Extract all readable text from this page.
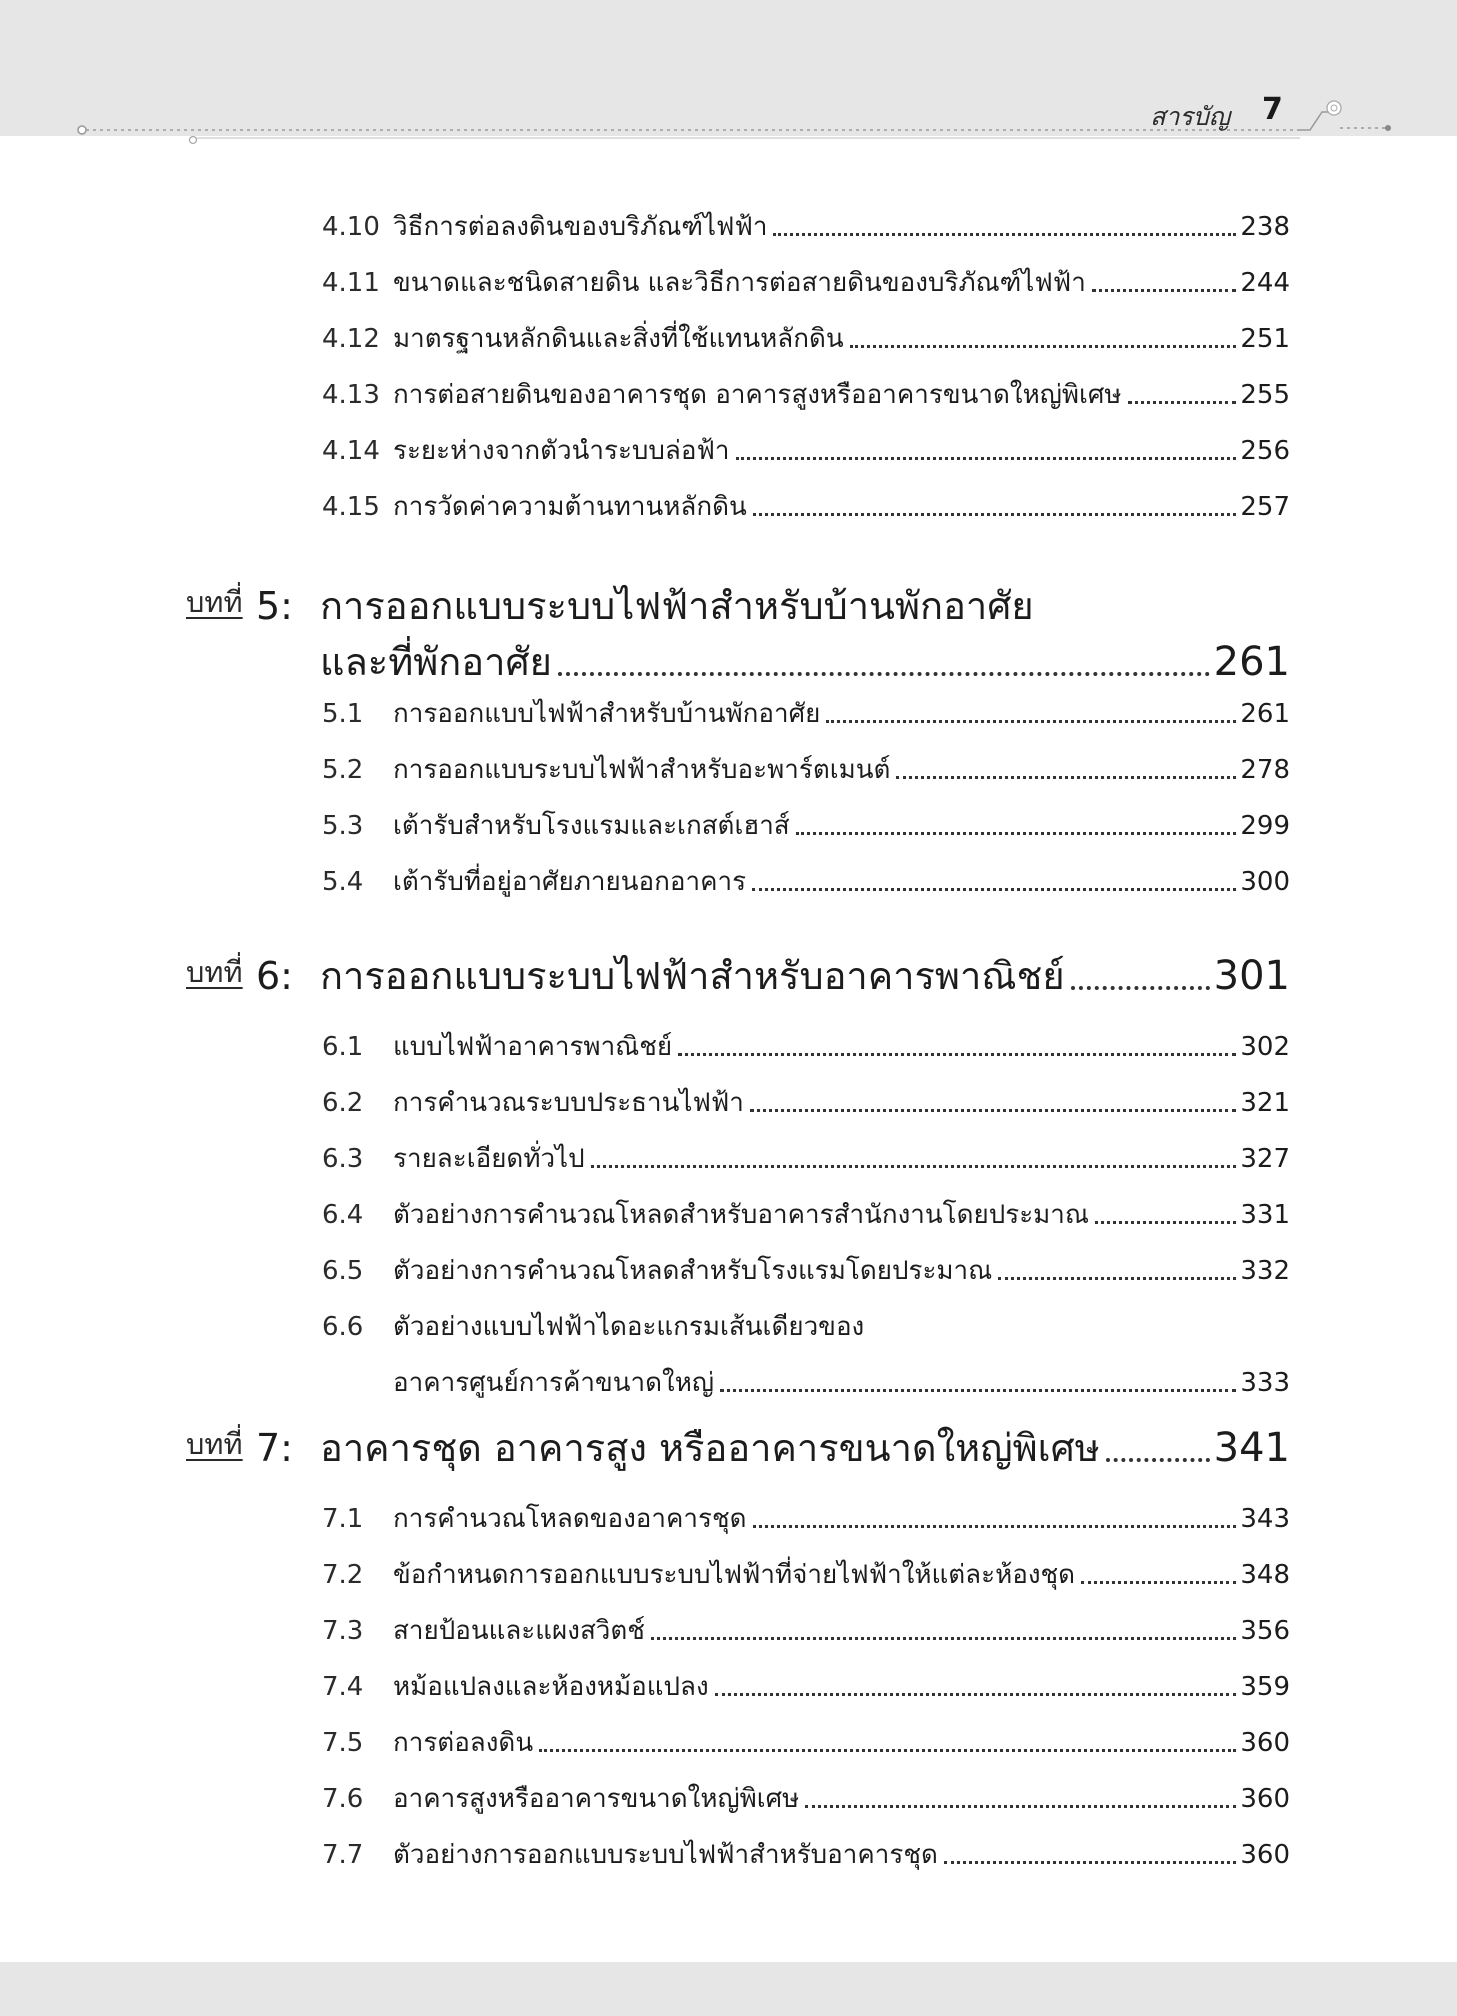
สารบัญ 7
4.10 วิธีการต่อลงดินของบริภัณฑ์ไฟฟ้า	238
4.11 ขนาดและชนิดสายดิน และวิธีการต่อสายดินของบริภัณฑ์ไฟฟ้า	244
4.12 มาตรฐานหลักดินและสิ่งที่ใช้แทนหลักดิน	251
4.13 การต่อสายดินของอาคารชุด อาคารสูงหรืออาคารขนาดใหญ่พิเศษ	255
4.14 ระยะห่างจากตัวนำระบบล่อฟ้า	256
4.15 การวัดค่าความต้านทานหลักดิน	257
บทที่ 5: การออกแบบระบบไฟฟ้าสำหรับบ้านพักอาศัย
และที่พักอาศัย	261
5.1	การออกแบบไฟฟ้าสำหรับบ้านพักอาศัย	261
5.2	การออกแบบระบบไฟฟ้าสำหรับอะพาร์ตเมนต์	278
5.3	เต้ารับสำหรับโรงแรมและเกสต์เฮาส์	299
5.4	เต้ารับที่อยู่อาศัยภายนอกอาคาร	300
บทที่ 6: การออกแบบระบบไฟฟ้าสำหรับอาคารพาณิชย์	301
6.1	แบบไฟฟ้าอาคารพาณิชย์	302
6.2	การคำนวณระบบประธานไฟฟ้า	321
6.3	รายละเอียดทั่วไป	327
6.4	ตัวอย่างการคำนวณโหลดสำหรับอาคารสำนักงานโดยประมาณ	331
6.5	ตัวอย่างการคำนวณโหลดสำหรับโรงแรมโดยประมาณ	332
6.6	ตัวอย่างแบบไฟฟ้าไดอะแกรมเส้นเดียวของ
อาคารศูนย์การค้าขนาดใหญ่	333
บทที่ 7: อาคารชุด อาคารสูง หรืออาคารขนาดใหญ่พิเศษ	341
7.1	การคำนวณโหลดของอาคารชุด	343
7.2	ข้อกำหนดการออกแบบระบบไฟฟ้าที่จ่ายไฟฟ้าให้แต่ละห้องชุด	348
7.3	สายป้อนและแผงสวิตช์	356
7.4	หม้อแปลงและห้องหม้อแปลง	359
7.5	การต่อลงดิน	360
7.6	อาคารสูงหรืออาคารขนาดใหญ่พิเศษ	360
7.7	ตัวอย่างการออกแบบระบบไฟฟ้าสำหรับอาคารชุด	360
